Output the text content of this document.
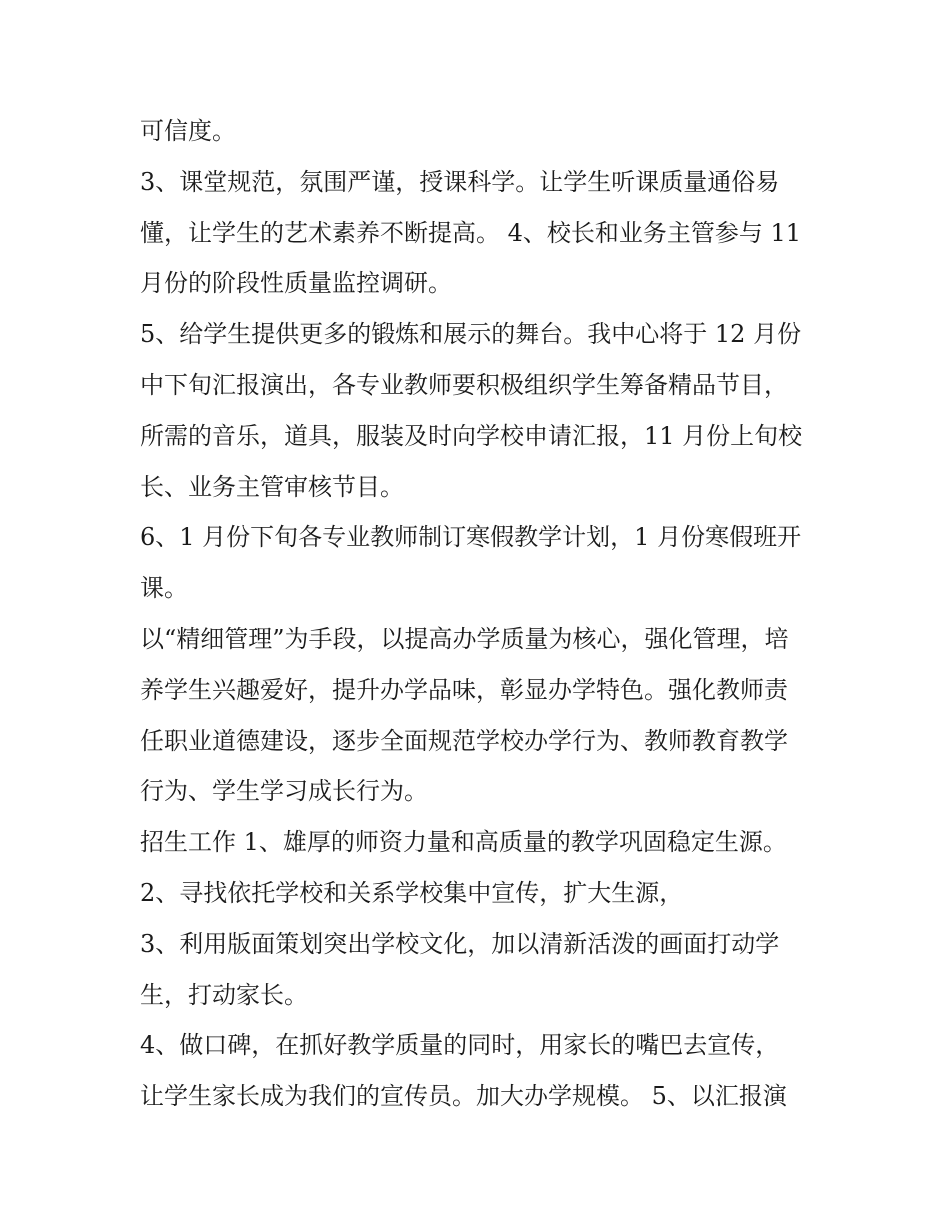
可信度。
3、课堂规范，氛围严谨，授课科学。让学生听课质量通俗易
懂，让学生的艺术素养不断提高。 4、校长和业务主管参与 11
月份的阶段性质量监控调研。
5、给学生提供更多的锻炼和展示的舞台。我中心将于 12 月份
中下旬汇报演出，各专业教师要积极组织学生筹备精品节目，
所需的音乐，道具，服装及时向学校申请汇报，11 月份上旬校
长、业务主管审核节目。
6、1 月份下旬各专业教师制订寒假教学计划，1 月份寒假班开
课。
以“精细管理”为手段，以提高办学质量为核心，强化管理，培
养学生兴趣爱好，提升办学品味，彰显办学特色。强化教师责
任职业道德建设，逐步全面规范学校办学行为、教师教育教学
行为、学生学习成长行为。
招生工作 1、雄厚的师资力量和高质量的教学巩固稳定生源。
2、寻找依托学校和关系学校集中宣传，扩大生源，
3、利用版面策划突出学校文化，加以清新活泼的画面打动学
生，打动家长。
4、做口碑，在抓好教学质量的同时，用家长的嘴巴去宣传，
让学生家长成为我们的宣传员。加大办学规模。 5、以汇报演
